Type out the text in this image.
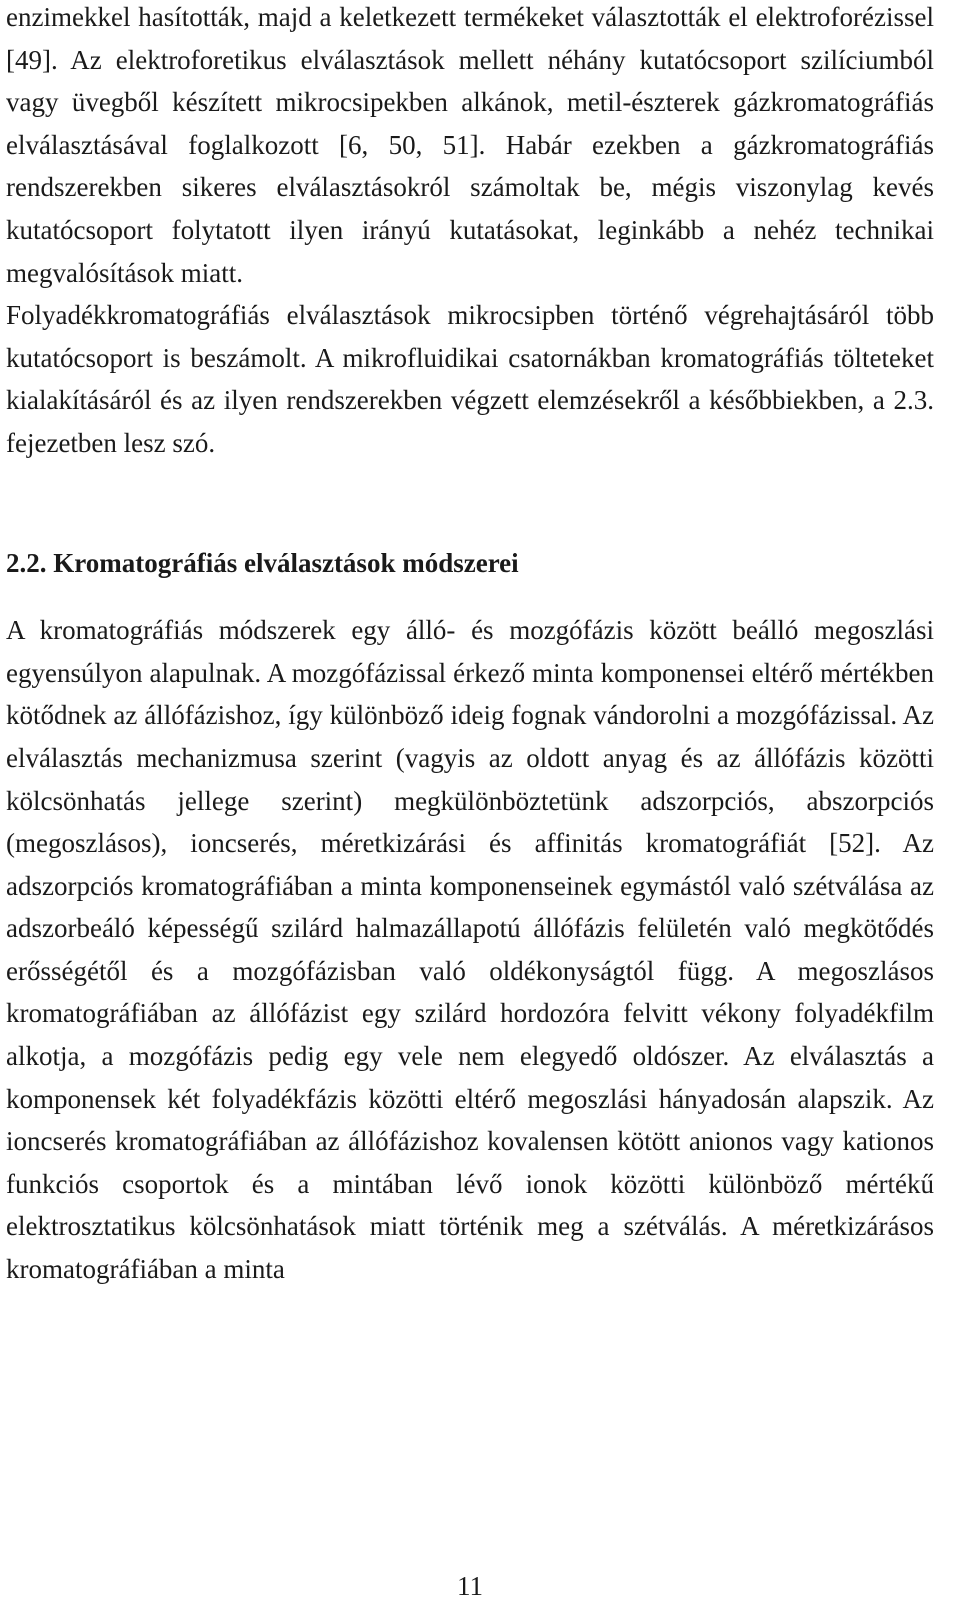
enzimekkel hasították, majd a keletkezett termékeket választották el elektroforézissel [49]. Az elektroforetikus elválasztások mellett néhány kutatócsoport szilíciumból vagy üvegből készített mikrocsipekben alkánok, metil-észterek gázkromatográfiás elválasztásával foglalkozott [6, 50, 51]. Habár ezekben a gázkromatográfiás rendszerekben sikeres elválasztásokról számoltak be, mégis viszonylag kevés kutatócsoport folytatott ilyen irányú kutatásokat, leginkább a nehéz technikai megvalósítások miatt.

Folyadékkromatográfiás elválasztások mikrocsipben történő végrehajtásáról több kutatócsoport is beszámolt. A mikrofluidikai csatornákban kromatográfiás tölteteket kialakításáról és az ilyen rendszerekben végzett elemzésekről a későbbiekben, a 2.3. fejezetben lesz szó.

2.2. Kromatográfiás elválasztások módszerei

A kromatográfiás módszerek egy álló- és mozgófázis között beálló megoszlási egyensúlyon alapulnak. A mozgófázissal érkező minta komponensei eltérő mértékben kötődnek az állófázishoz, így különböző ideig fognak vándorolni a mozgófázissal. Az elválasztás mechanizmusa szerint (vagyis az oldott anyag és az állófázis közötti kölcsönhatás jellege szerint) megkülönböztetünk adszorpciós, abszorpciós (megoszlásos), ioncserés, méretkizárási és affinitás kromatográfiát [52]. Az adszorpciós kromatográfiában a minta komponenseinek egymástól való szétválása az adszorbeáló képességű szilárd halmazállapotú állófázis felületén való megkötődés erősségétől és a mozgófázisban való oldékonyságtól függ. A megoszlásos kromatográfiában az állófázist egy szilárd hordozóra felvitt vékony folyadékfilm alkotja, a mozgófázis pedig egy vele nem elegyedő oldószer. Az elválasztás a komponensek két folyadékfázis közötti eltérő megoszlási hányadosán alapszik. Az ioncserés kromatográfiában az állófázishoz kovalensen kötött anionos vagy kationos funkciós csoportok és a mintában lévő ionok közötti különböző mértékű elektrosztatikus kölcsönhatások miatt történik meg a szétválás. A méretkizárásos kromatográfiában a minta

11
